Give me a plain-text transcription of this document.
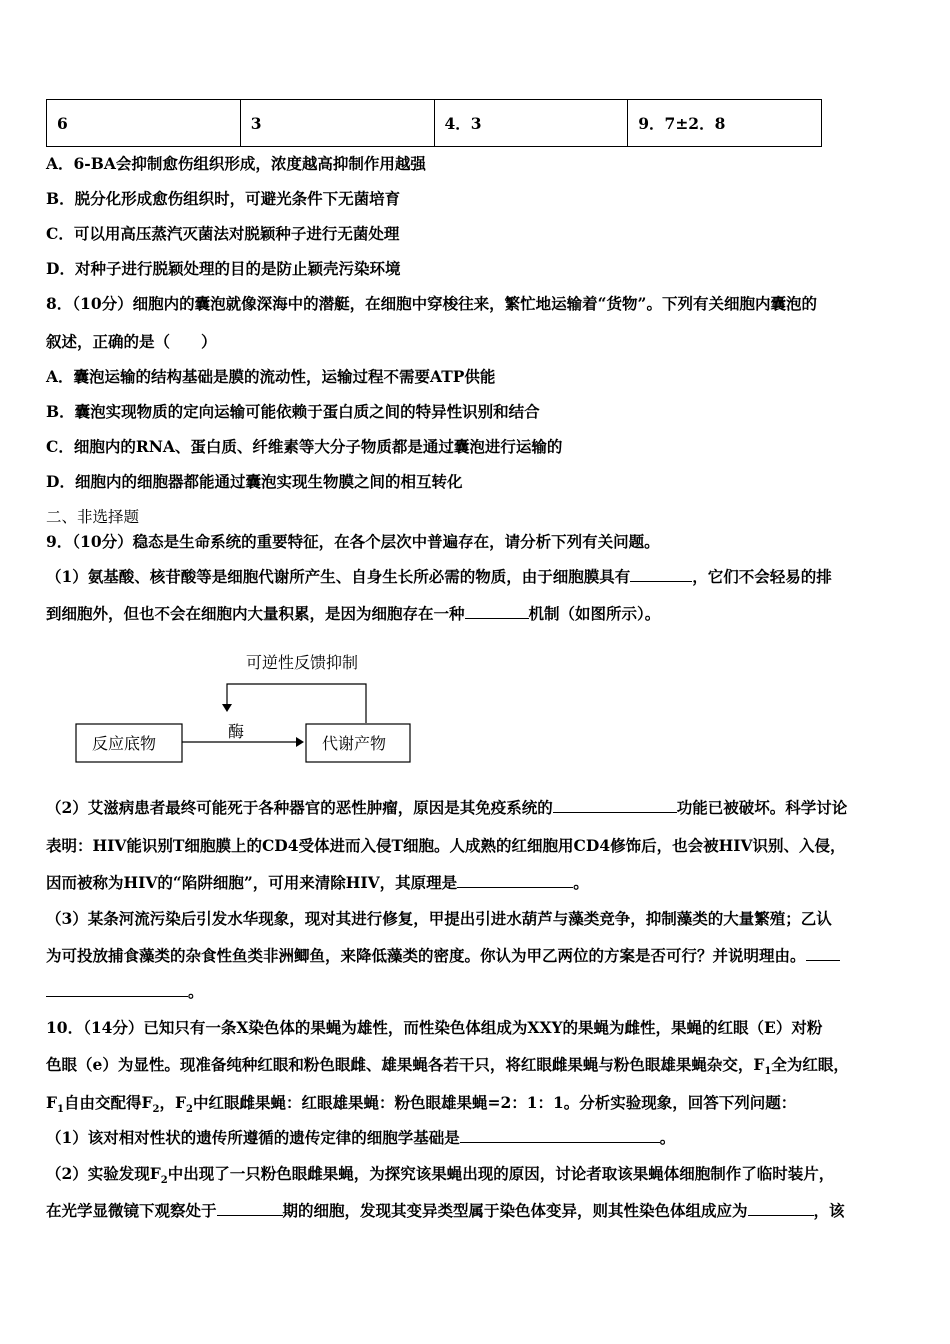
6	3	4．3	9．7±2．8
A．6-BA会抑制愈伤组织形成，浓度越高抑制作用越强
B．脱分化形成愈伤组织时，可避光条件下无菌培育
C．可以用高压蒸汽灭菌法对脱颖种子进行无菌处理
D．对种子进行脱颖处理的目的是防止颖壳污染环境
8．（10分）细胞内的囊泡就像深海中的潜艇，在细胞中穿梭往来，繁忙地运输着“货物”。下列有关细胞内囊泡的
叙述，正确的是（　　）
A．囊泡运输的结构基础是膜的流动性，运输过程不需要ATP供能
B．囊泡实现物质的定向运输可能依赖于蛋白质之间的特异性识别和结合
C．细胞内的RNA、蛋白质、纤维素等大分子物质都是通过囊泡进行运输的
D．细胞内的细胞器都能通过囊泡实现生物膜之间的相互转化
二、非选择题
9．（10分）稳态是生命系统的重要特征，在各个层次中普遍存在，请分析下列有关问题。
（1）氨基酸、核苷酸等是细胞代谢所产生、自身生长所必需的物质，由于细胞膜具有	，它们不会轻易的排
到细胞外，但也不会在细胞内大量积累，是因为细胞存在一种	机制（如图所示）。
可逆性反馈抑制
反应底物
酶
代谢产物
（2）艾滋病患者最终可能死于各种器官的恶性肿瘤，原因是其免疫系统的	功能已被破坏。科学讨论
表明：HIV能识别T细胞膜上的CD4受体进而入侵T细胞。人成熟的红细胞用CD4修饰后，也会被HIV识别、入侵，
因而被称为HIV的“陷阱细胞”，可用来清除HIV，其原理是	。
（3）某条河流污染后引发水华现象，现对其进行修复，甲提出引进水葫芦与藻类竞争，抑制藻类的大量繁殖；乙认
为可投放捕食藻类的杂食性鱼类非洲鲫鱼，来降低藻类的密度。你认为甲乙两位的方案是否可行？并说明理由。
。
10．（14分）已知只有一条X染色体的果蝇为雄性，而性染色体组成为XXY的果蝇为雌性，果蝇的红眼（E）对粉
色眼（e）为显性。现准备纯种红眼和粉色眼雌、雄果蝇各若干只，将红眼雌果蝇与粉色眼雄果蝇杂交，$F_1$全为红眼，
$F_1$自由交配得$F_2$，$F_2$中红眼雌果蝇：红眼雄果蝇：粉色眼雄果蝇=2：1：1。分析实验现象，回答下列问题：
（1）该对相对性状的遗传所遵循的遗传定律的细胞学基础是	。
（2）实验发现$F_2$中出现了一只粉色眼雌果蝇，为探究该果蝇出现的原因，讨论者取该果蝇体细胞制作了临时装片，
在光学显微镜下观察处于	期的细胞，发现其变异类型属于染色体变异，则其性染色体组成应为	，该
